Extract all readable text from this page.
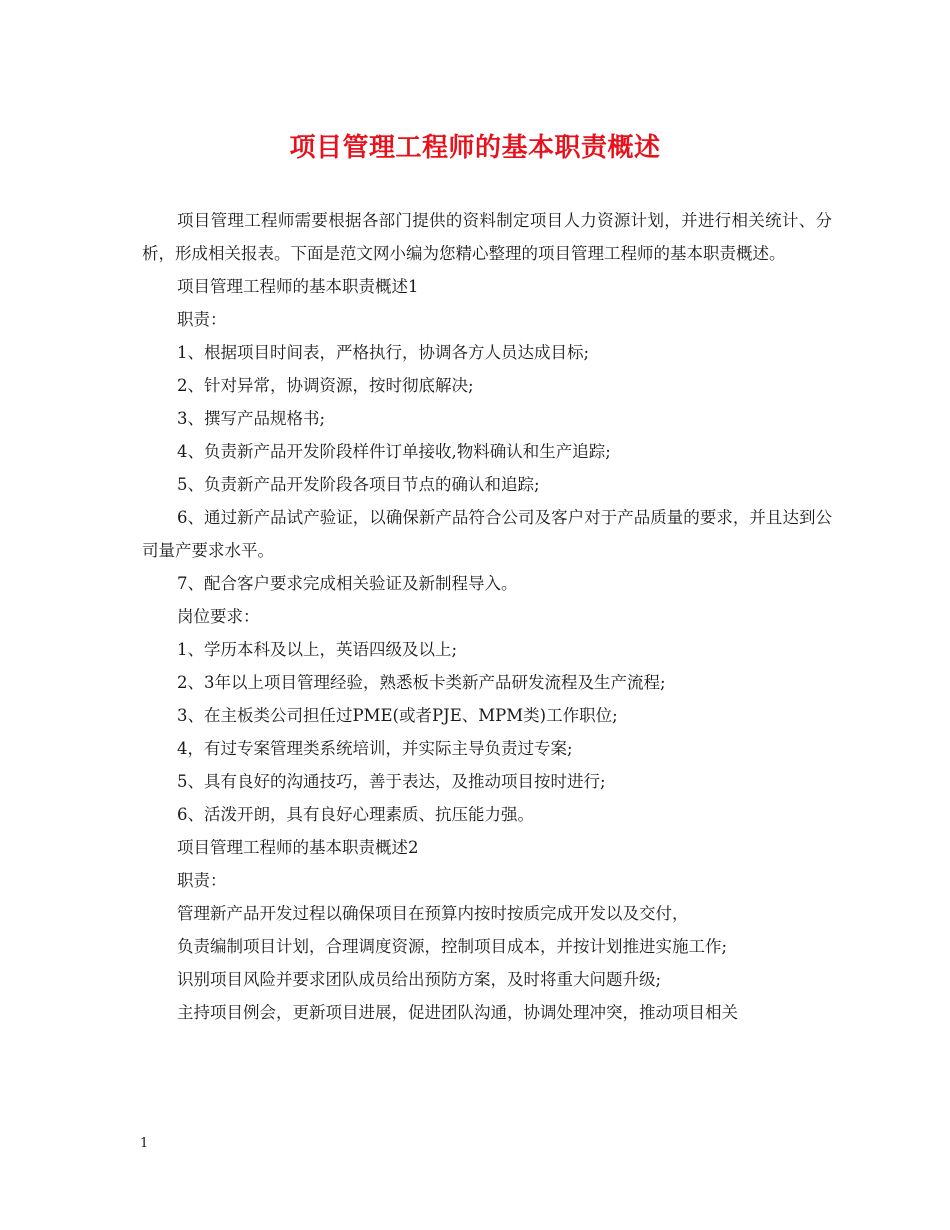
项目管理工程师的基本职责概述

项目管理工程师需要根据各部门提供的资料制定项目人力资源计划，并进行相关统计、分析，形成相关报表。下面是范文网小编为您精心整理的项目管理工程师的基本职责概述。

项目管理工程师的基本职责概述1

职责：

1、根据项目时间表，严格执行，协调各方人员达成目标;

2、针对异常，协调资源，按时彻底解决;

3、撰写产品规格书;

4、负责新产品开发阶段样件订单接收,物料确认和生产追踪;

5、负责新产品开发阶段各项目节点的确认和追踪;

6、通过新产品试产验证，以确保新产品符合公司及客户对于产品质量的要求，并且达到公司量产要求水平。

7、配合客户要求完成相关验证及新制程导入。

岗位要求：

1、学历本科及以上，英语四级及以上;

2、3年以上项目管理经验，熟悉板卡类新产品研发流程及生产流程;

3、在主板类公司担任过PME(或者PJE、MPM类)工作职位;

4，有过专案管理类系统培训，并实际主导负责过专案;

5、具有良好的沟通技巧，善于表达，及推动项目按时进行;

6、活泼开朗，具有良好心理素质、抗压能力强。

项目管理工程师的基本职责概述2

职责：

管理新产品开发过程以确保项目在预算内按时按质完成开发以及交付，

负责编制项目计划，合理调度资源，控制项目成本，并按计划推进实施工作;

识别项目风险并要求团队成员给出预防方案，及时将重大问题升级;

主持项目例会，更新项目进展，促进团队沟通，协调处理冲突，推动项目相关

1
